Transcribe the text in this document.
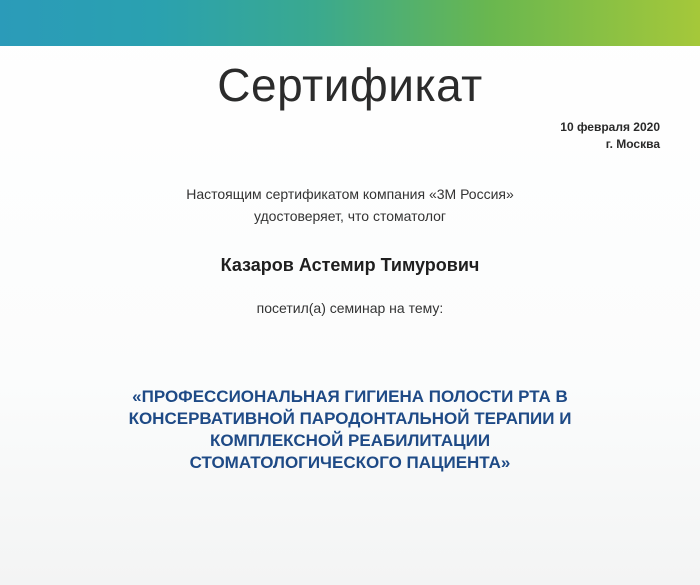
Сертификат
10 февраля 2020
г. Москва
Настоящим сертификатом компания «3М Россия»
удостоверяет, что стоматолог
Казаров Астемир Тимурович
посетил(а) семинар на тему:
«ПРОФЕССИОНАЛЬНАЯ ГИГИЕНА ПОЛОСТИ РТА В
КОНСЕРВАТИВНОЙ ПАРОДОНТАЛЬНОЙ ТЕРАПИИ И
КОМПЛЕКСНОЙ РЕАБИЛИТАЦИИ
СТОМАТОЛОГИЧЕСКОГО ПАЦИЕНТА»
